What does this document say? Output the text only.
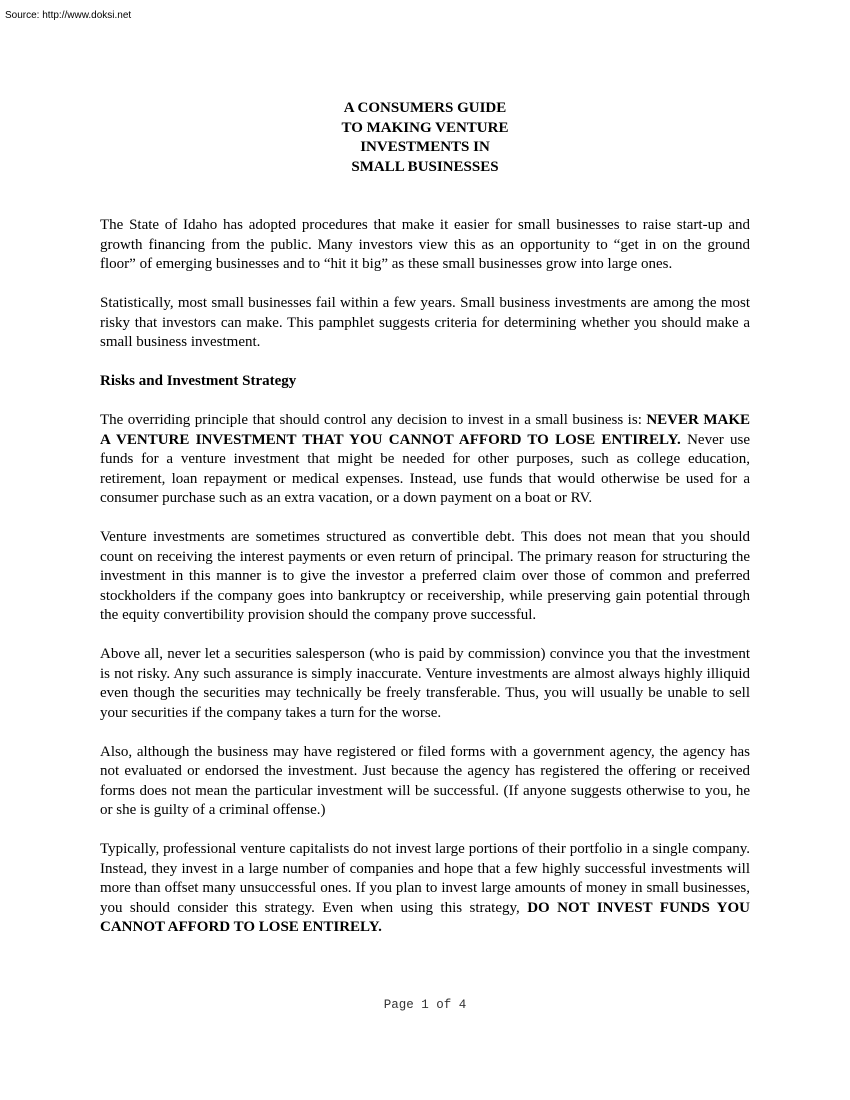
Source: http://www.doksi.net
A CONSUMERS GUIDE
TO MAKING VENTURE
INVESTMENTS IN
SMALL BUSINESSES

The State of Idaho has adopted procedures that make it easier for small businesses to raise start-up and growth financing from the public. Many investors view this as an opportunity to “get in on the ground floor” of emerging businesses and to “hit it big” as these small businesses grow into large ones.

Statistically, most small businesses fail within a few years. Small business investments are among the most risky that investors can make. This pamphlet suggests criteria for determining whether you should make a small business investment.

Risks and Investment Strategy

The overriding principle that should control any decision to invest in a small business is: NEVER MAKE A VENTURE INVESTMENT THAT YOU CANNOT AFFORD TO LOSE ENTIRELY. Never use funds for a venture investment that might be needed for other purposes, such as college education, retirement, loan repayment or medical expenses. Instead, use funds that would otherwise be used for a consumer purchase such as an extra vacation, or a down payment on a boat or RV.

Venture investments are sometimes structured as convertible debt. This does not mean that you should count on receiving the interest payments or even return of principal. The primary reason for structuring the investment in this manner is to give the investor a preferred claim over those of common and preferred stockholders if the company goes into bankruptcy or receivership, while preserving gain potential through the equity convertibility provision should the company prove successful.

Above all, never let a securities salesperson (who is paid by commission) convince you that the investment is not risky. Any such assurance is simply inaccurate. Venture investments are almost always highly illiquid even though the securities may technically be freely transferable. Thus, you will usually be unable to sell your securities if the company takes a turn for the worse.

Also, although the business may have registered or filed forms with a government agency, the agency has not evaluated or endorsed the investment. Just because the agency has registered the offering or received forms does not mean the particular investment will be successful. (If anyone suggests otherwise to you, he or she is guilty of a criminal offense.)

Typically, professional venture capitalists do not invest large portions of their portfolio in a single company. Instead, they invest in a large number of companies and hope that a few highly successful investments will more than offset many unsuccessful ones. If you plan to invest large amounts of money in small businesses, you should consider this strategy. Even when using this strategy, DO NOT INVEST FUNDS YOU CANNOT AFFORD TO LOSE ENTIRELY.

Page 1 of 4
